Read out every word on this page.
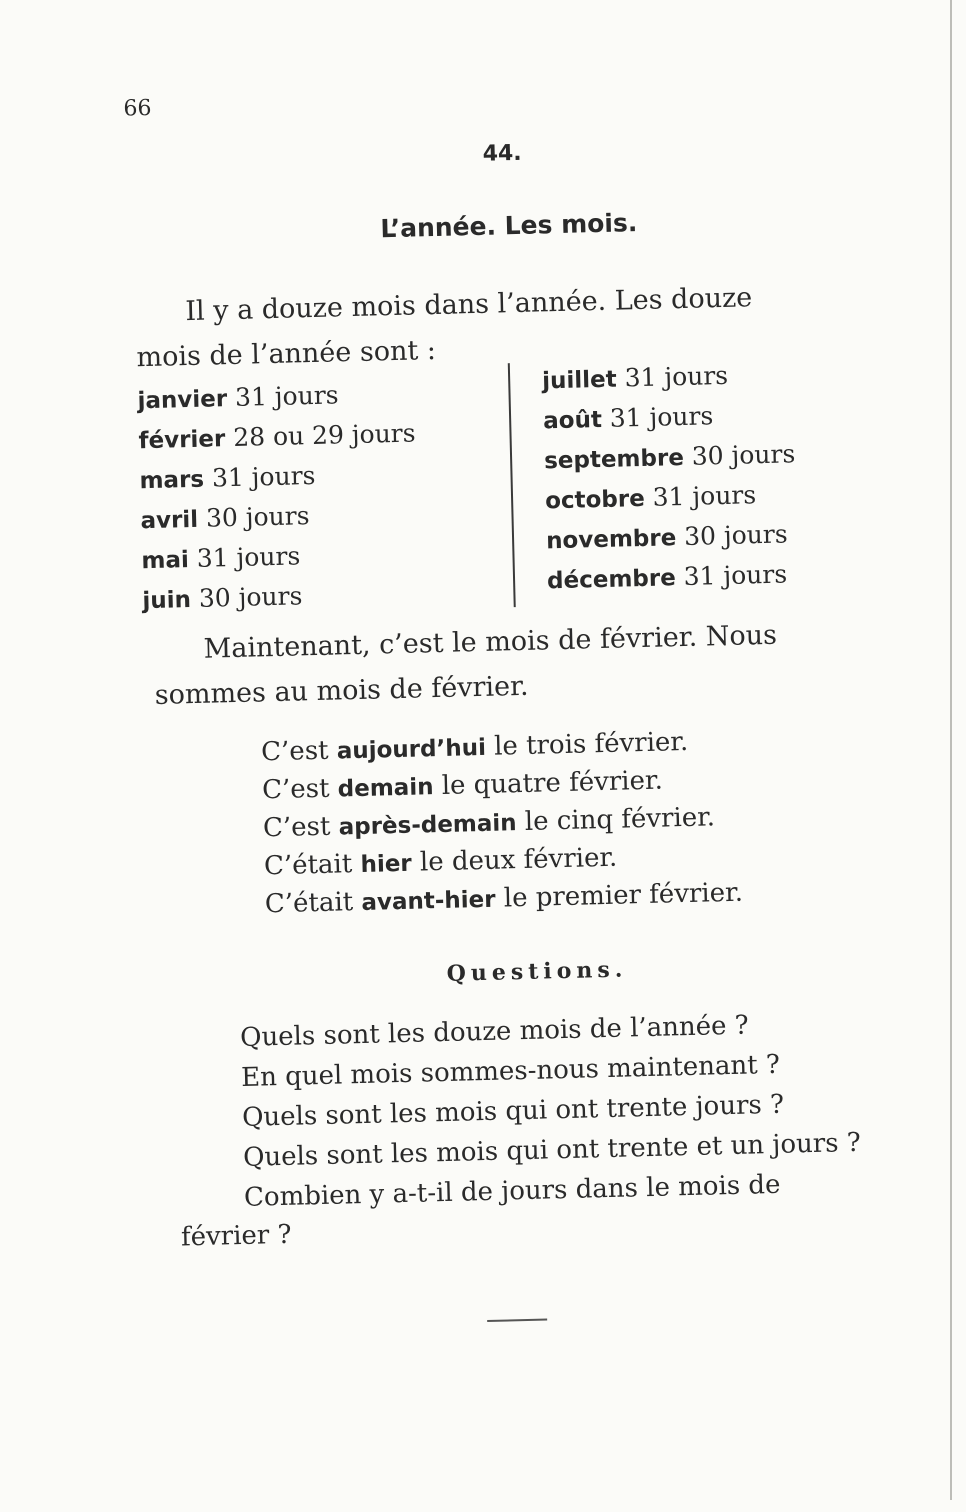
66
44.
L’année. Les mois.
Il y a douze mois dans l’année. Les douze
mois de l’année sont :
janvier 31 jours
février 28 ou 29 jours
mars 31 jours
avril 30 jours
mai 31 jours
juin 30 jours
juillet 31 jours
août 31 jours
septembre 30 jours
octobre 31 jours
novembre 30 jours
décembre 31 jours
Maintenant, c’est le mois de février. Nous
sommes au mois de février.
C’est aujourd’hui le trois février.
C’est demain le quatre février.
C’est après-demain le cinq février.
C’était hier le deux février.
C’était avant-hier le premier février.
Questions.
Quels sont les douze mois de l’année ?
En quel mois sommes-nous maintenant ?
Quels sont les mois qui ont trente jours ?
Quels sont les mois qui ont trente et un jours ?
Combien y a-t-il de jours dans le mois de
février ?
